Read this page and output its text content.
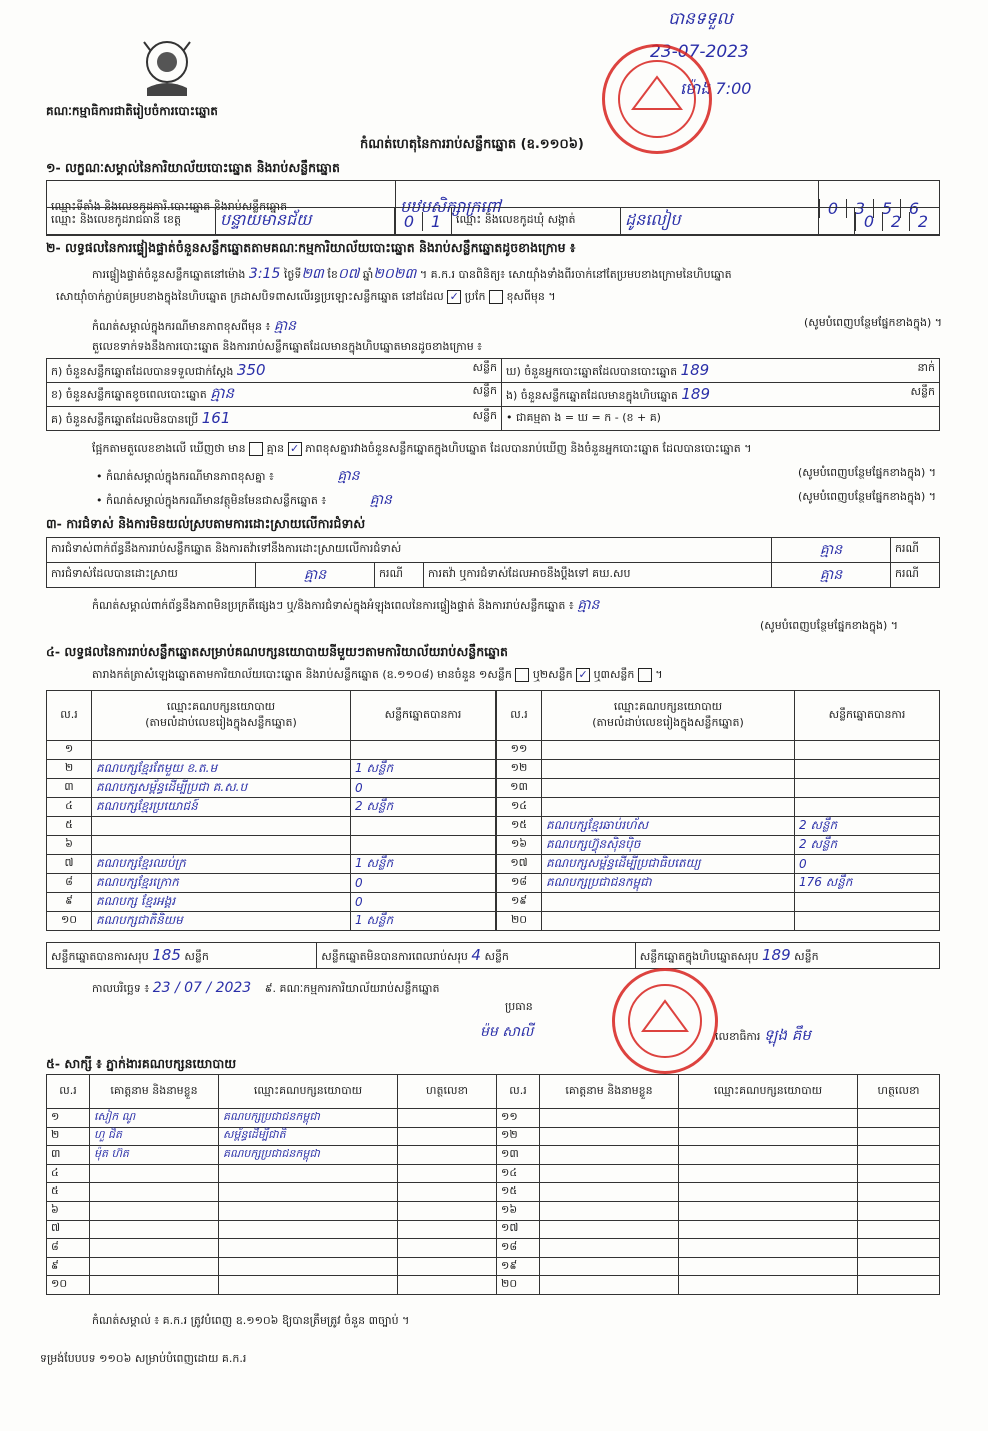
គណៈកម្មាធិការជាតិរៀបចំការបោះឆ្នោត
កំណត់ហេតុនៃការរាប់សន្លឹកឆ្នោត (ឧ.១១០៦)
បានទទួល
23-07-2023
ម៉ោង 7:00
១- លក្ខណៈសម្គាល់នៃការិយាល័យបោះឆ្នោត និងរាប់សន្លឹកឆ្នោត
ឈ្មោះទីតាំង និងលេខកូដការិ.បោះឆ្នោត និងរាប់សន្លឹកឆ្នោត	បឋមសិក្សាក្រពៅ	0 3 5 6
ឈ្មោះ និងលេខកូដរាជធានី ខេត្ត	បន្ទាយមានជ័យ	0 1	ឈ្មោះ និងលេខកូដឃុំ សង្កាត់	ដូនលៀប	0 2 2
២- លទ្ធផលនៃការផ្ទៀងផ្ទាត់ចំនួនសន្លឹកឆ្នោតតាមគណៈកម្មការិយាល័យបោះឆ្នោត និងរាប់សន្លឹកឆ្នោតដូចខាងក្រោម ៖
ការផ្ទៀងផ្ទាត់ចំនួនសន្លឹកឆ្នោតនៅម៉ោង 3:15 ថ្ងៃទី២៣ ខែ០៧ ឆ្នាំ២០២៣ ។ គ.ក.រ បានពិនិត្យ៖ សោយ៉ាំងទាំងពីរចាក់នៅតែប្រមបខាងក្រោមនៃហិបឆ្នោត
សោយ៉ាំចាក់ភ្ជាប់គម្របខាងក្នុងនៃហិបឆ្នោត ក្រដាសបិទពាសលើរន្ធប្រឡោះសន្លឹកឆ្នោត នៅដដែល ✓ ប្រកែ ខុសពីមុន ។
កំណត់សម្គាល់ក្នុងករណីមានភាពខុសពីមុន ៖ គ្មាន	(សូមបំពេញបន្ថែមផ្នែកខាងក្នុង) ។
តួលេខទាក់ទងនឹងការបោះឆ្នោត និងការរាប់សន្លឹកឆ្នោតដែលមានក្នុងហិបឆ្នោតមានដូចខាងក្រោម ៖
ក) ចំនួនសន្លឹកឆ្នោតដែលបានទទួលជាក់ស្តែង 350 សន្លឹក	ឃ) ចំនួនអ្នកបោះឆ្នោតដែលបានបោះឆ្នោត 189 នាក់

ខ) ចំនួនសន្លឹកឆ្នោតខូចពេលបោះឆ្នោត គ្មាន សន្លឹក	ង) ចំនួនសន្លឹកឆ្នោតដែលមានក្នុងហិបឆ្នោត 189 សន្លឹក

គ) ចំនួនសន្លឹកឆ្នោតដែលមិនបានប្រើ 161 សន្លឹក	• ជាគម្មតា ង = ឃ = ក - (ខ + គ)
ផ្អែកតាមតួលេខខាងលើ ឃើញថា មាន គ្មាន ✓ ភាពខុសគ្នារវាងចំនួនសន្លឹកឆ្នោតក្នុងហិបឆ្នោត ដែលបានរាប់ឃើញ និងចំនួនអ្នកបោះឆ្នោត ដែលបានបោះឆ្នោត ។
• កំណត់សម្គាល់ក្នុងករណីមានភាពខុសគ្នា ៖	គ្មាន	(សូមបំពេញបន្ថែមផ្នែកខាងក្នុង) ។
• កំណត់សម្គាល់ក្នុងករណីមានវត្ថុមិនមែនជាសន្លឹកឆ្នោត ៖	គ្មាន	(សូមបំពេញបន្ថែមផ្នែកខាងក្នុង) ។
៣- ការជំទាស់ និងការមិនយល់ស្របតាមការដោះស្រាយលើការជំទាស់
ការជំទាស់ពាក់ព័ន្ធនឹងការរាប់សន្លឹកឆ្នោត និងការតវ៉ាទៅនឹងការដោះស្រាយលើការជំទាស់				គ្មាន	ករណី
ការជំទាស់ដែលបានដោះស្រាយ	គ្មាន	ករណី	ការតវ៉ា ឬការជំទាស់ដែលអាចនឹងប្តឹងទៅ គឃ.សប	គ្មាន	ករណី
កំណត់សម្គាល់ពាក់ព័ន្ធនឹងភាពមិនប្រក្រតីផ្សេងៗ ឬ/និងការជំទាស់ក្នុងអំឡុងពេលនៃការផ្ទៀងផ្ទាត់ និងការរាប់សន្លឹកឆ្នោត ៖ គ្មាន
(សូមបំពេញបន្ថែមផ្នែកខាងក្នុង) ។
៤- លទ្ធផលនៃការរាប់សន្លឹកឆ្នោតសម្រាប់គណបក្សនយោបាយនីមួយៗតាមការិយាល័យរាប់សន្លឹកឆ្នោត
តារាងកត់ត្រាសំឡេងឆ្នោតតាមការិយាល័យបោះឆ្នោត និងរាប់សន្លឹកឆ្នោត (ឧ.១១០៨) មានចំនួន ១សន្លឹក ឬ២សន្លឹក ✓ ឬ៣សន្លឹក  ។
ល.រ	ឈ្មោះគណបក្សនយោបាយ
(តាមលំដាប់លេខរៀងក្នុងសន្លឹកឆ្នោត)	សន្លឹកឆ្នោតបានការ
១		
២	គណបក្សខ្មែរតែមួយ ខ.ត.ម	1 សន្លឹក
៣	គណបក្សសម្ព័ន្ធដើម្បីប្រជា គ.ស.ប	0
៤	គណបក្សខ្មែរប្រយោជន៍	2 សន្លឹក
៥		
៦		
៧	គណបក្សខ្មែរឈប់ក្រ	1 សន្លឹក
៨	គណបក្សខ្មែរក្រោក	0
៩	គណបក្ស ខ្មែរអង្គរ	0
១០	គណបក្សជាតិនិយម	1 សន្លឹក
ល.រ	ឈ្មោះគណបក្សនយោបាយ
(តាមលំដាប់លេខរៀងក្នុងសន្លឹកឆ្នោត)	សន្លឹកឆ្នោតបានការ
១១		
១២		
១៣		
១៤		
១៥	គណបក្សខ្មែរឆាប់រហ័ស	2 សន្លឹក
១៦	គណបក្សហ៊្វុនស៊ិនប៉ិច	2 សន្លឹក
១៧	គណបក្សសម្ព័ន្ធដើម្បីប្រជាធិបតេយ្យ	0
១៨	គណបក្សប្រជាជនកម្ពុជា	176 សន្លឹក
១៩		
២០		
សន្លឹកឆ្នោតបានការសរុប 185 សន្លឹក	សន្លឹកឆ្នោតមិនបានការពេលរាប់សរុប 4 សន្លឹក	សន្លឹកឆ្នោតក្នុងហិបឆ្នោតសរុប 189 សន្លឹក
កាលបរិច្ឆេទ ៖ 23 / 07 / 2023 ៩. គណៈកម្មការការិយាល័យរាប់សន្លឹកឆ្នោត
ប្រធាន
ម៉ម សាលី	លេខាធិការ ឡុង គឹម
៥- សាក្សី ៖ ភ្នាក់ងារគណបក្សនយោបាយ
ល.រ	គោត្តនាម និងនាមខ្លួន	ឈ្មោះគណបក្សនយោបាយ	ហត្ថលេខា	ល.រ	គោត្តនាម និងនាមខ្លួន	ឈ្មោះគណបក្សនយោបាយ	ហត្ថលេខា
១	សៀក ណូ	គណបក្សប្រជាជនកម្ពុជា		១១			
២	ហួ ជិត	សម្ព័ន្ធដើម្បីជាតិ		១២			
៣	ម៉ុត ហ៊ត	គណបក្សប្រជាជនកម្ពុជា		១៣			
៤				១៤			
៥				១៥			
៦				១៦			
៧				១៧			
៨				១៨			
៩				១៩			
១០				២០			
កំណត់សម្គាល់ ៖ គ.ក.រ ត្រូវបំពេញ ឧ.១១០៦ ឱ្យបានត្រឹមត្រូវ ចំនួន ៣ច្បាប់ ។
ទម្រង់បែបបទ ១១០៦ សម្រាប់បំពេញដោយ គ.ក.រ
